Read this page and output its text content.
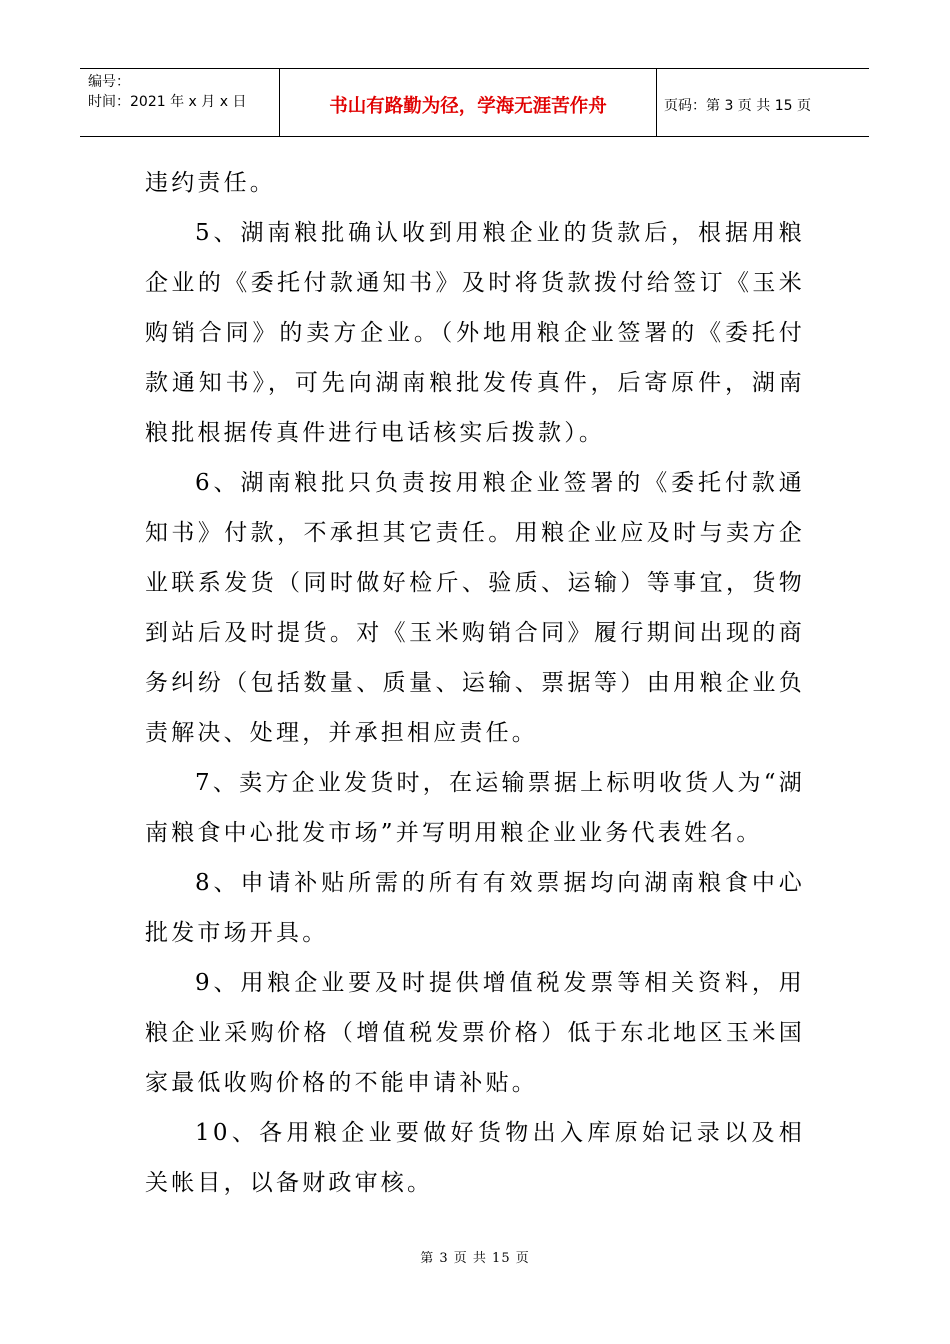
编号：
时间：2021 年 x 月 x 日	书山有路勤为径，学海无涯苦作舟	页码：第 3 页 共 15 页

违约责任。

5、湖南粮批确认收到用粮企业的货款后，根据用粮企业的《委托付款通知书》及时将货款拨付给签订《玉米购销合同》的卖方企业。（外地用粮企业签署的《委托付款通知书》，可先向湖南粮批发传真件，后寄原件，湖南粮批根据传真件进行电话核实后拨款）。

6、湖南粮批只负责按用粮企业签署的《委托付款通知书》付款，不承担其它责任。用粮企业应及时与卖方企业联系发货（同时做好检斤、验质、运输）等事宜，货物到站后及时提货。对《玉米购销合同》履行期间出现的商务纠纷（包括数量、质量、运输、票据等）由用粮企业负责解决、处理，并承担相应责任。

7、卖方企业发货时，在运输票据上标明收货人为“湖南粮食中心批发市场”并写明用粮企业业务代表姓名。

8、申请补贴所需的所有有效票据均向湖南粮食中心批发市场开具。

9、用粮企业要及时提供增值税发票等相关资料，用粮企业采购价格（增值税发票价格）低于东北地区玉米国家最低收购价格的不能申请补贴。

10、各用粮企业要做好货物出入库原始记录以及相关帐目，以备财政审核。

第 3 页 共 15 页
